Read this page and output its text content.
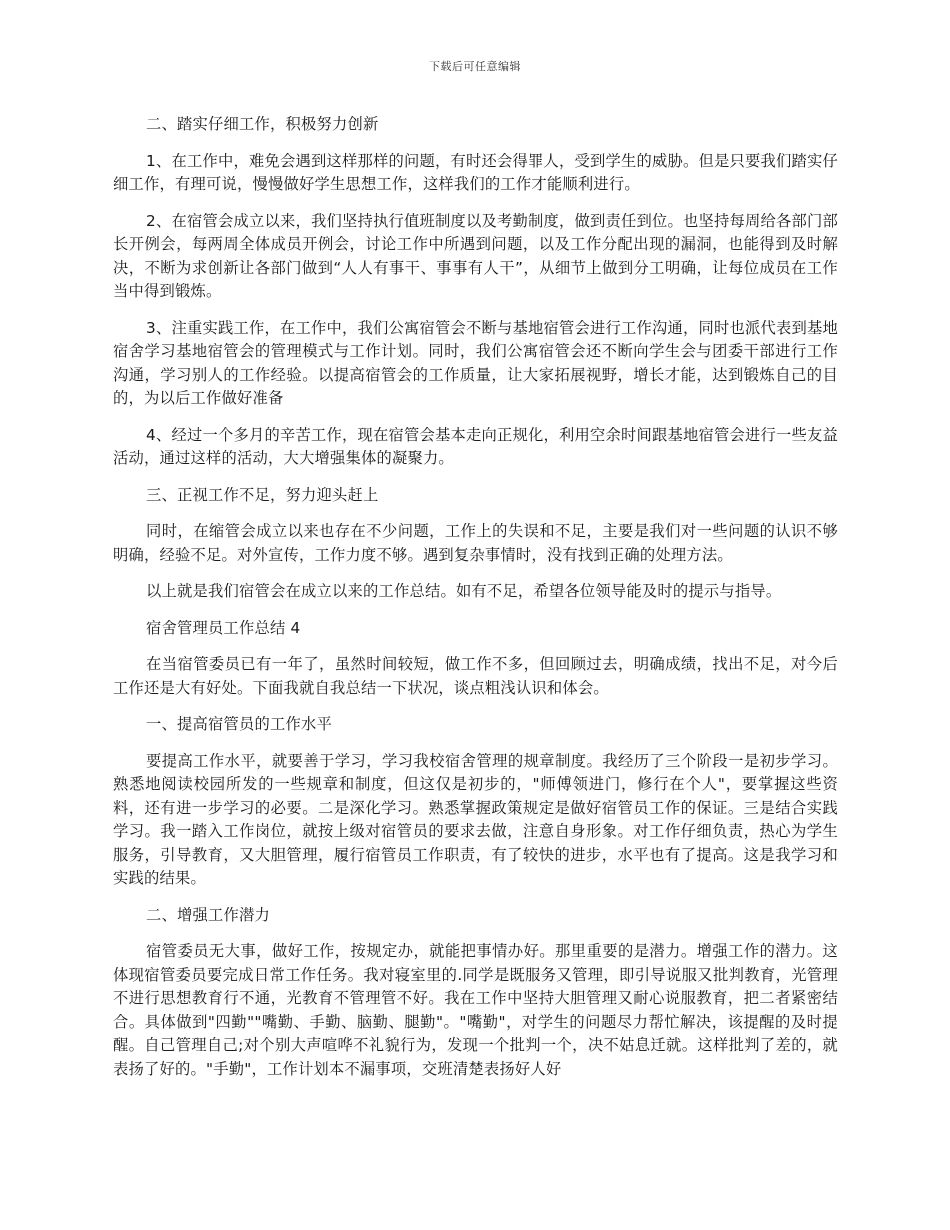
下载后可任意编辑

二、踏实仔细工作，积极努力创新

1、在工作中，难免会遇到这样那样的问题，有时还会得罪人，受到学生的威胁。但是只要我们踏实仔细工作，有理可说，慢慢做好学生思想工作，这样我们的工作才能顺利进行。

2、在宿管会成立以来，我们坚持执行值班制度以及考勤制度，做到责任到位。也坚持每周给各部门部长开例会，每两周全体成员开例会，讨论工作中所遇到问题，以及工作分配出现的漏洞，也能得到及时解决，不断为求创新让各部门做到“人人有事干、事事有人干”，从细节上做到分工明确，让每位成员在工作当中得到锻炼。

3、注重实践工作，在工作中，我们公寓宿管会不断与基地宿管会进行工作沟通，同时也派代表到基地宿舍学习基地宿管会的管理模式与工作计划。同时，我们公寓宿管会还不断向学生会与团委干部进行工作沟通，学习别人的工作经验。以提高宿管会的工作质量，让大家拓展视野，增长才能，达到锻炼自己的目的，为以后工作做好准备

4、经过一个多月的辛苦工作，现在宿管会基本走向正规化，利用空余时间跟基地宿管会进行一些友益活动，通过这样的活动，大大增强集体的凝聚力。

三、正视工作不足，努力迎头赶上

同时，在缩管会成立以来也存在不少问题，工作上的失误和不足，主要是我们对一些问题的认识不够明确，经验不足。对外宣传，工作力度不够。遇到复杂事情时，没有找到正确的处理方法。

以上就是我们宿管会在成立以来的工作总结。如有不足，希望各位领导能及时的提示与指导。

宿舍管理员工作总结 4

在当宿管委员已有一年了，虽然时间较短，做工作不多，但回顾过去，明确成绩，找出不足，对今后工作还是大有好处。下面我就自我总结一下状况，谈点粗浅认识和体会。

一、提高宿管员的工作水平

要提高工作水平，就要善于学习，学习我校宿舍管理的规章制度。我经历了三个阶段一是初步学习。熟悉地阅读校园所发的一些规章和制度，但这仅是初步的，"师傅领进门，修行在个人"，要掌握这些资料，还有进一步学习的必要。二是深化学习。熟悉掌握政策规定是做好宿管员工作的保证。三是结合实践学习。我一踏入工作岗位，就按上级对宿管员的要求去做，注意自身形象。对工作仔细负责，热心为学生服务，引导教育，又大胆管理，履行宿管员工作职责，有了较快的进步，水平也有了提高。这是我学习和实践的结果。

二、增强工作潜力

宿管委员无大事，做好工作，按规定办，就能把事情办好。那里重要的是潜力。增强工作的潜力。这体现宿管委员要完成日常工作任务。我对寝室里的.同学是既服务又管理，即引导说服又批判教育，光管理不进行思想教育行不通，光教育不管理管不好。我在工作中坚持大胆管理又耐心说服教育，把二者紧密结合。具体做到"四勤""嘴勤、手勤、脑勤、腿勤"。"嘴勤"，对学生的问题尽力帮忙解决，该提醒的及时提醒。自己管理自己;对个别大声喧哗不礼貌行为，发现一个批判一个，决不姑息迁就。这样批判了差的，就表扬了好的。"手勤"，工作计划本不漏事项，交班清楚表扬好人好
